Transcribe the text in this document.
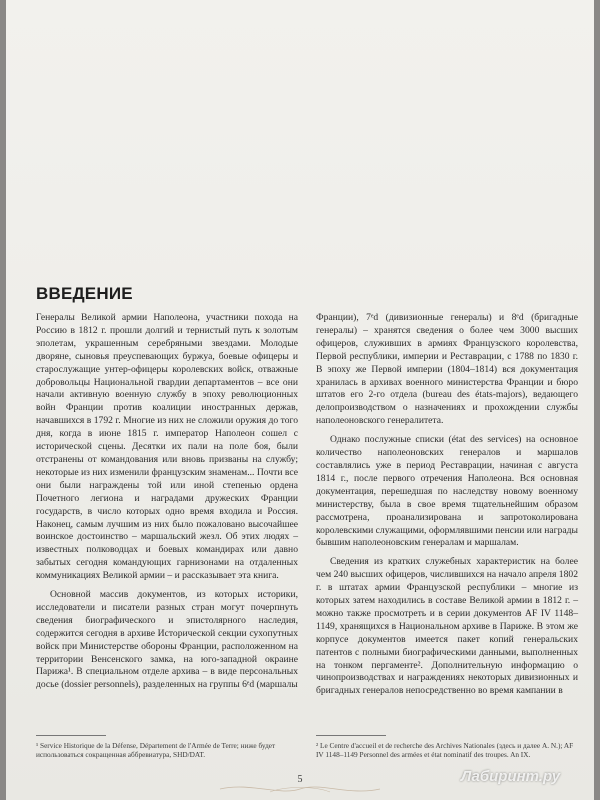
ВВЕДЕНИЕ

Генералы Великой армии Наполеона, участники похода на Россию в 1812 г. прошли долгий и тернистый путь к золотым эполетам, украшенным серебряными звездами. Молодые дворяне, сыновья преуспевающих буржуа, боевые офицеры и старослужащие унтер-офицеры королевских войск, отважные добровольцы Национальной гвардии департаментов – все они начали активную военную службу в эпоху революционных войн Франции против коалиции иностранных держав, начавшихся в 1792 г. Многие из них не сложили оружия до того дня, когда в июне 1815 г. император Наполеон сошел с исторической сцены. Десятки их пали на поле боя, были отстранены от командования или вновь призваны на службу; некоторые из них изменили французским знаменам... Почти все они были награждены той или иной степенью ордена Почетного легиона и наградами дружеских Франции государств, в число которых одно время входила и Россия. Наконец, самым лучшим из них было пожаловано высочайшее воинское достоинство – маршальский жезл. Об этих людях – известных полководцах и боевых командирах или давно забытых сегодня командующих гарнизонами на отдаленных коммуникациях Великой армии – и рассказывает эта книга.

Основной массив документов, из которых историки, исследователи и писатели разных стран могут почерпнуть сведения биографического и эпистолярного наследия, содержится сегодня в архиве Исторической секции сухопутных войск при Министерстве обороны Франции, расположенном на территории Венсенского замка, на юго-западной окраине Парижа¹. В специальном отделе архива – в виде персональных досье (dossier personnels), разделенных на группы 6ᵉd (маршалы

Франции), 7ᵉd (дивизионные генералы) и 8ᵉd (бригадные генералы) – хранятся сведения о более чем 3000 высших офицеров, служивших в армиях Французского королевства, Первой республики, империи и Реставрации, с 1788 по 1830 г. В эпоху же Первой империи (1804–1814) вся документация хранилась в архивах военного министерства Франции и бюро штатов его 2-го отдела (bureau des états-majors), ведающего делопроизводством о назначениях и прохождении службы наполеоновского генералитета.

Однако послужные списки (état des services) на основное количество наполеоновских генералов и маршалов составлялись уже в период Реставрации, начиная с августа 1814 г., после первого отречения Наполеона. Вся основная документация, перешедшая по наследству новому военному министерству, была в свое время тщательнейшим образом рассмотрена, проанализирована и запротоколирована королевскими служащими, оформлявшими пенсии или награды бывшим наполеоновским генералам и маршалам.

Сведения из кратких служебных характеристик на более чем 240 высших офицеров, числившихся на начало апреля 1802 г. в штатах армии Французской республики – многие из которых затем находились в составе Великой армии в 1812 г. – можно также просмотреть и в серии документов AF IV 1148–1149, хранящихся в Национальном архиве в Париже. В этом же корпусе документов имеется пакет копий генеральских патентов с полными биографическими данными, выполненных на тонком пергаменте². Дополнительную информацию о чинопроизводствах и награждениях некоторых дивизионных и бригадных генералов непосредственно во время кампании в

¹ Service Historique de la Défense, Département de l'Armée de Terre; ниже будет использоваться сокращенная аббревиатура, SHD/DAT.
² Le Centre d'accueil et de recherche des Archives Nationales (здесь и далее A. N.); AF IV 1148–1149 Personnel des armées et état nominatif des troupes. An IX.
5	Лабиринт.ру
